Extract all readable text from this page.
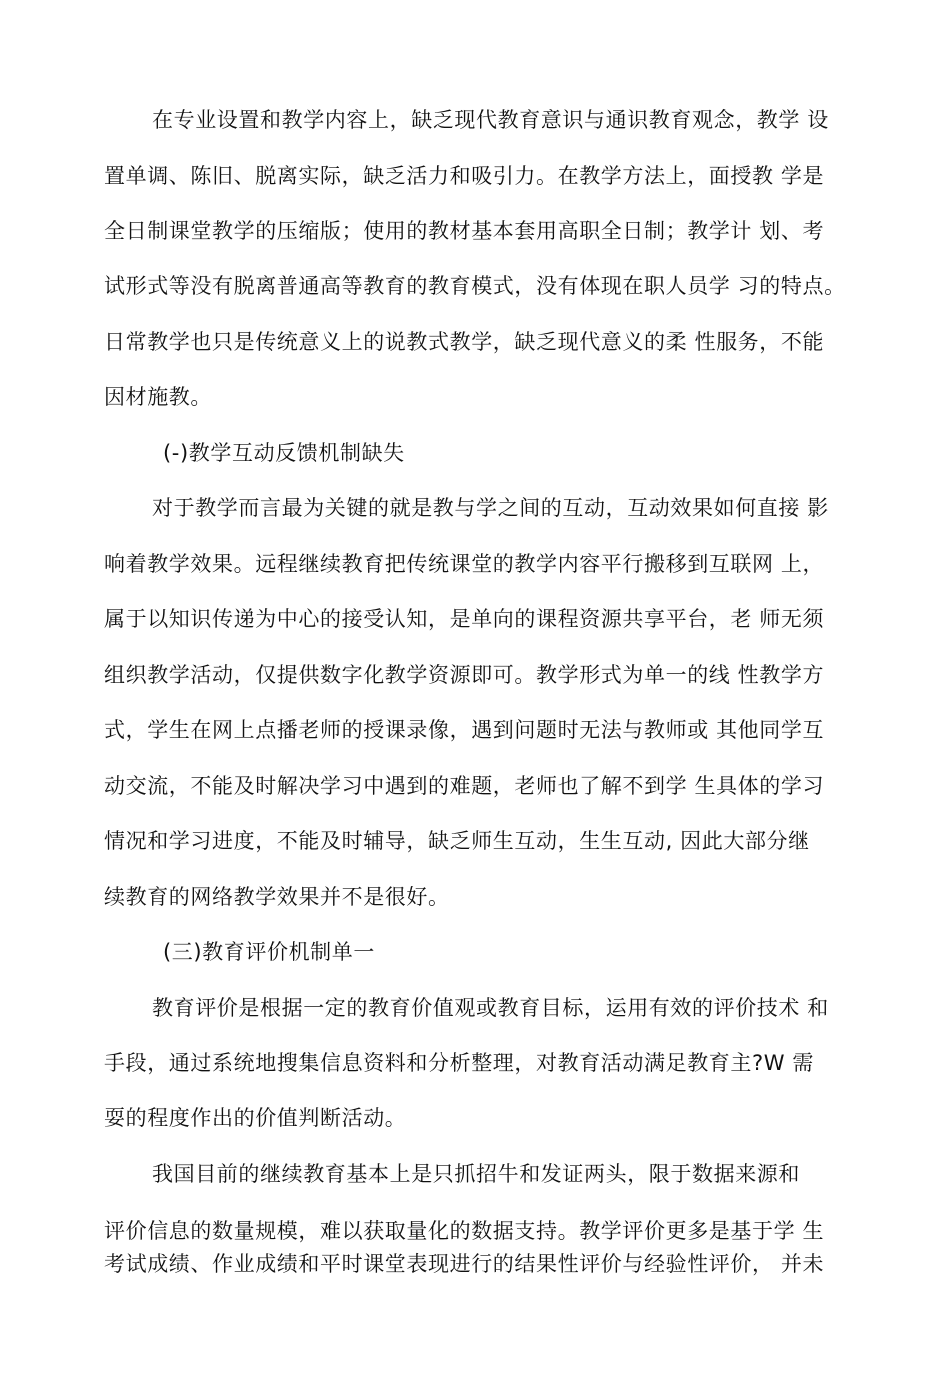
在专业设置和教学内容上，缺乏现代教育意识与通识教育观念，教学 设
置单调、陈旧、脱离实际，缺乏活力和吸引力。在教学方法上，面授教 学是
全日制课堂教学的压缩版；使用的教材基本套用高职全日制；教学计 划、考
试形式等没有脱离普通高等教育的教育模式，没有体现在职人员学 习的特点。
日常教学也只是传统意义上的说教式教学，缺乏现代意义的柔 性服务，不能
因材施教。
(-)教学互动反馈机制缺失
对于教学而言最为关键的就是教与学之间的互动，互动效果如何直接 影
响着教学效果。远程继续教育把传统课堂的教学内容平行搬移到互联网 上，
属于以知识传递为中心的接受认知，是单向的课程资源共享平台，老 师无须
组织教学活动，仅提供数字化教学资源即可。教学形式为单一的线 性教学方
式，学生在网上点播老师的授课录像，遇到问题时无法与教师或 其他同学互
动交流，不能及时解决学习中遇到的难题，老师也了解不到学 生具体的学习
情况和学习进度，不能及时辅导，缺乏师生互动，生生互动, 因此大部分继
续教育的网络教学效果并不是很好。
(三)教育评价机制单一
教育评价是根据一定的教育价值观或教育目标，运用有效的评价技术 和
手段，通过系统地搜集信息资料和分析整理，对教育活动满足教育主?W 需
耍的程度作出的价值判断活动。
我国目前的继续教育基本上是只抓招牛和发证两头，限于数据来源和
评价信息的数量规模，难以获取量化的数据支持。教学评价更多是基于学 生
考试成绩、作业成绩和平时课堂表现进行的结果性评价与经验性评价， 并未
